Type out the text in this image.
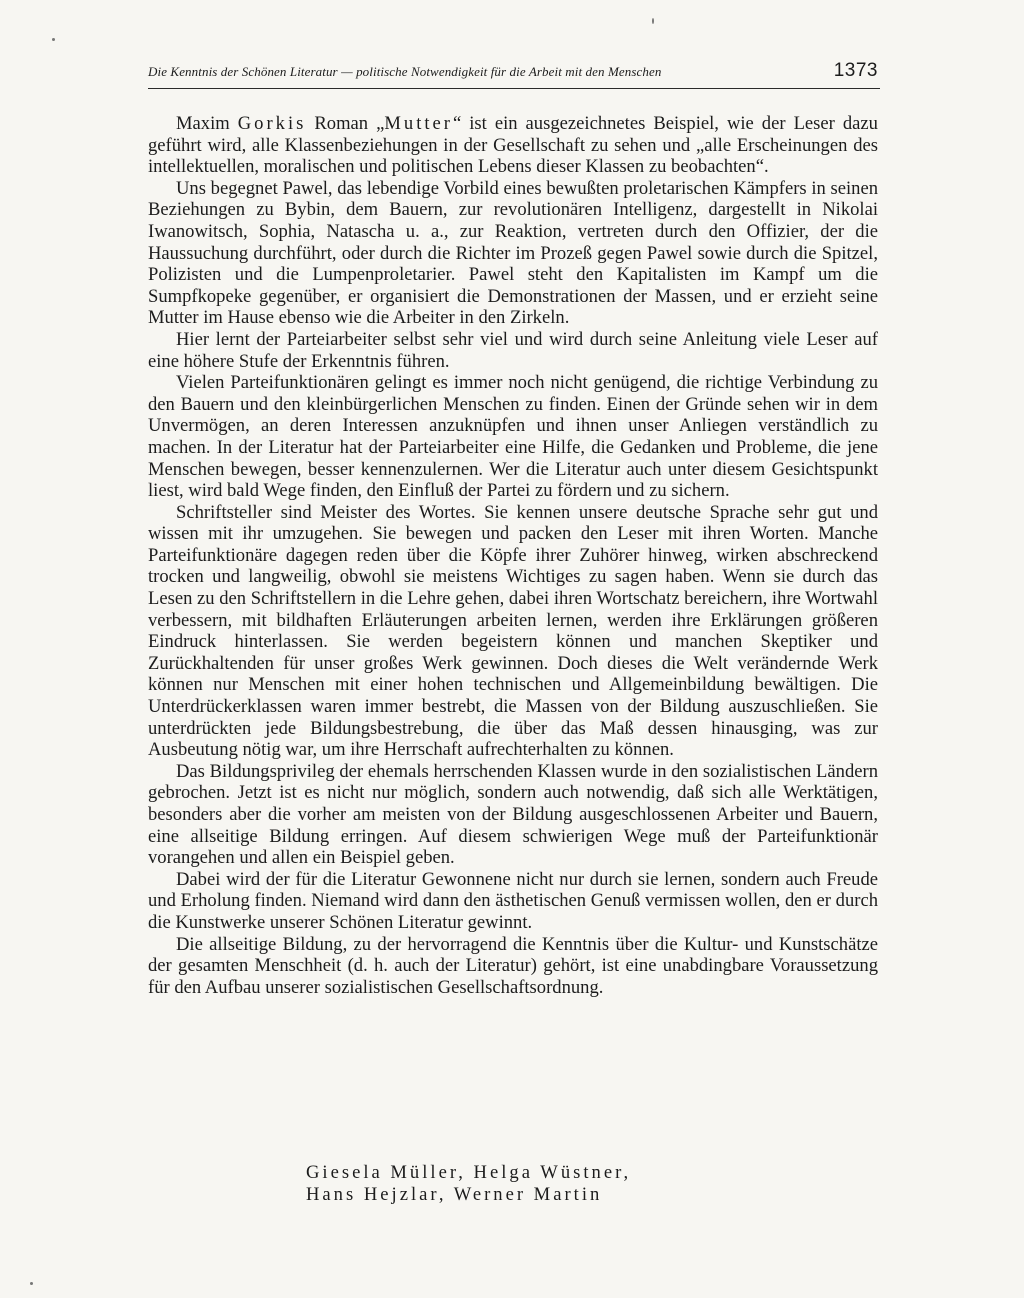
Die Kenntnis der Schönen Literatur — politische Notwendigkeit für die Arbeit mit den Menschen	1373

Maxim Gorkis Roman „Mutter“ ist ein ausgezeichnetes Beispiel, wie der Leser dazu geführt wird, alle Klassenbeziehungen in der Gesellschaft zu sehen und „alle Erscheinungen des intellektuellen, moralischen und politischen Lebens dieser Klassen zu beobachten“.

Uns begegnet Pawel, das lebendige Vorbild eines bewußten proletarischen Kämpfers in seinen Beziehungen zu Bybin, dem Bauern, zur revolutionären Intelligenz, dargestellt in Nikolai Iwanowitsch, Sophia, Natascha u. a., zur Reaktion, vertreten durch den Offizier, der die Haussuchung durchführt, oder durch die Richter im Prozeß gegen Pawel sowie durch die Spitzel, Polizisten und die Lumpenproletarier. Pawel steht den Kapitalisten im Kampf um die Sumpfkopeke gegenüber, er organisiert die Demonstrationen der Massen, und er erzieht seine Mutter im Hause ebenso wie die Arbeiter in den Zirkeln.

Hier lernt der Parteiarbeiter selbst sehr viel und wird durch seine Anleitung viele Leser auf eine höhere Stufe der Erkenntnis führen.

Vielen Parteifunktionären gelingt es immer noch nicht genügend, die richtige Verbindung zu den Bauern und den kleinbürgerlichen Menschen zu finden. Einen der Gründe sehen wir in dem Unvermögen, an deren Interessen anzuknüpfen und ihnen unser Anliegen verständlich zu machen. In der Literatur hat der Parteiarbeiter eine Hilfe, die Gedanken und Probleme, die jene Menschen bewegen, besser kennenzulernen. Wer die Literatur auch unter diesem Gesichtspunkt liest, wird bald Wege finden, den Einfluß der Partei zu fördern und zu sichern.

Schriftsteller sind Meister des Wortes. Sie kennen unsere deutsche Sprache sehr gut und wissen mit ihr umzugehen. Sie bewegen und packen den Leser mit ihren Worten. Manche Parteifunktionäre dagegen reden über die Köpfe ihrer Zuhörer hinweg, wirken abschreckend trocken und langweilig, obwohl sie meistens Wichtiges zu sagen haben. Wenn sie durch das Lesen zu den Schriftstellern in die Lehre gehen, dabei ihren Wortschatz bereichern, ihre Wortwahl verbessern, mit bildhaften Erläuterungen arbeiten lernen, werden ihre Erklärungen größeren Eindruck hinterlassen. Sie werden begeistern können und manchen Skeptiker und Zurückhaltenden für unser großes Werk gewinnen. Doch dieses die Welt verändernde Werk können nur Menschen mit einer hohen technischen und Allgemeinbildung bewältigen. Die Unterdrückerklassen waren immer bestrebt, die Massen von der Bildung auszuschließen. Sie unterdrückten jede Bildungsbestrebung, die über das Maß dessen hinausging, was zur Ausbeutung nötig war, um ihre Herrschaft aufrechterhalten zu können.

Das Bildungsprivileg der ehemals herrschenden Klassen wurde in den sozialistischen Ländern gebrochen. Jetzt ist es nicht nur möglich, sondern auch notwendig, daß sich alle Werktätigen, besonders aber die vorher am meisten von der Bildung ausgeschlossenen Arbeiter und Bauern, eine allseitige Bildung erringen. Auf diesem schwierigen Wege muß der Parteifunktionär vorangehen und allen ein Beispiel geben.

Dabei wird der für die Literatur Gewonnene nicht nur durch sie lernen, sondern auch Freude und Erholung finden. Niemand wird dann den ästhetischen Genuß vermissen wollen, den er durch die Kunstwerke unserer Schönen Literatur gewinnt.

Die allseitige Bildung, zu der hervorragend die Kenntnis über die Kultur- und Kunstschätze der gesamten Menschheit (d. h. auch der Literatur) gehört, ist eine unabdingbare Voraussetzung für den Aufbau unserer sozialistischen Gesellschaftsordnung.

Giesela Müller, Helga Wüstner,
Hans Hejzlar, Werner Martin
